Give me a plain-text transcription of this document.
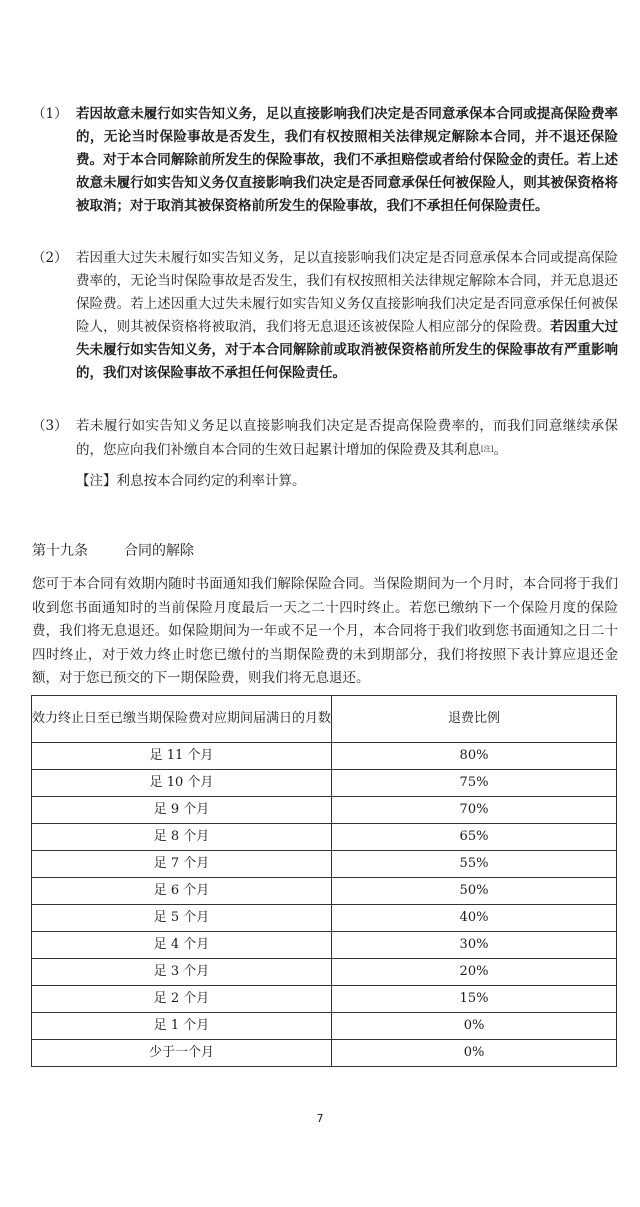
（1） 若因故意未履行如实告知义务，足以直接影响我们决定是否同意承保本合同或提高保险费率的，无论当时保险事故是否发生，我们有权按照相关法律规定解除本合同，并不退还保险费。对于本合同解除前所发生的保险事故，我们不承担赔偿或者给付保险金的责任。若上述故意未履行如实告知义务仅直接影响我们决定是否同意承保任何被保险人，则其被保资格将被取消；对于取消其被保资格前所发生的保险事故，我们不承担任何保险责任。
（2） 若因重大过失未履行如实告知义务，足以直接影响我们决定是否同意承保本合同或提高保险费率的，无论当时保险事故是否发生，我们有权按照相关法律规定解除本合同，并无息退还保险费。若上述因重大过失未履行如实告知义务仅直接影响我们决定是否同意承保任何被保险人，则其被保资格将被取消，我们将无息退还该被保险人相应部分的保险费。若因重大过失未履行如实告知义务，对于本合同解除前或取消被保资格前所发生的保险事故有严重影响的，我们对该保险事故不承担任何保险责任。
（3） 若未履行如实告知义务足以直接影响我们决定是否提高保险费率的，而我们同意继续承保的，您应向我们补缴自本合同的生效日起累计增加的保险费及其利息[注]。
【注】利息按本合同约定的利率计算。
第十九条	合同的解除
您可于本合同有效期内随时书面通知我们解除保险合同。当保险期间为一个月时，本合同将于我们收到您书面通知时的当前保险月度最后一天之二十四时终止。若您已缴纳下一个保险月度的保险费，我们将无息退还。如保险期间为一年或不足一个月，本合同将于我们收到您书面通知之日二十四时终止，对于效力终止时您已缴付的当期保险费的未到期部分，我们将按照下表计算应退还金额，对于您已预交的下一期保险费，则我们将无息退还。
效力终止日至已缴当期保险费对应期间届满日的月数	退费比例
足 11 个月	80%
足 10 个月	75%
足 9 个月	70%
足 8 个月	65%
足 7 个月	55%
足 6 个月	50%
足 5 个月	40%
足 4 个月	30%
足 3 个月	20%
足 2 个月	15%
足 1 个月	0%
少于一个月	0%
7
